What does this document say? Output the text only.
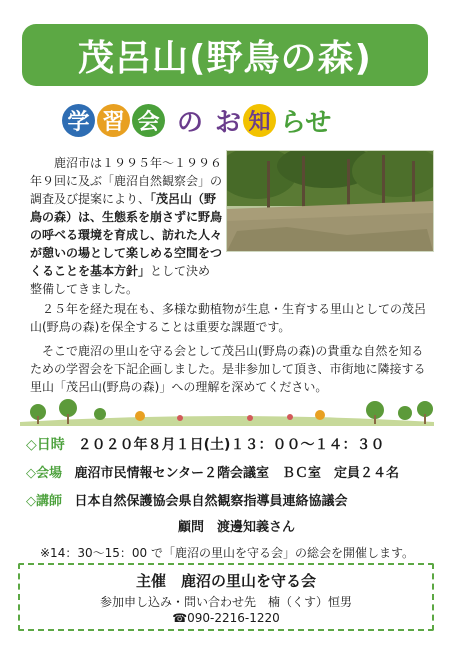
茂呂山(野鳥の森)
学 習 会 の お 知 らせ
鹿沼市は１９９５年～１９９６年９回に及ぶ「鹿沼自然観察会」の調査及び提案により、「茂呂山（野鳥の森）は、生態系を崩さずに野鳥の呼べる環境を育成し、訪れた人々が憩いの場として楽しめる空間をつくることを基本方針」として決め整備してきました。
２５年を経た現在も、多様な動植物が生息・生育する里山としての茂呂山(野鳥の森)を保全することは重要な課題です。
そこで鹿沼の里山を守る会として茂呂山(野鳥の森)の貴重な自然を知るための学習会を下記企画しました。是非参加して頂き、市街地に隣接する里山「茂呂山(野鳥の森)」への理解を深めてください。
◇日時 ２０２０年８月１日(土)１３：００～１４：３０
◇会場 鹿沼市民情報センター２階会議室　ＢＣ室　定員２４名
◇講師 日本自然保護協会県自然観察指導員連絡協議会
顧問　渡邊知義さん
※14：30～15：00 で「鹿沼の里山を守る会」の総会を開催します。
主催　鹿沼の里山を守る会
参加申し込み・問い合わせ先　楠（くす）恒男
☎090-2216-1220
